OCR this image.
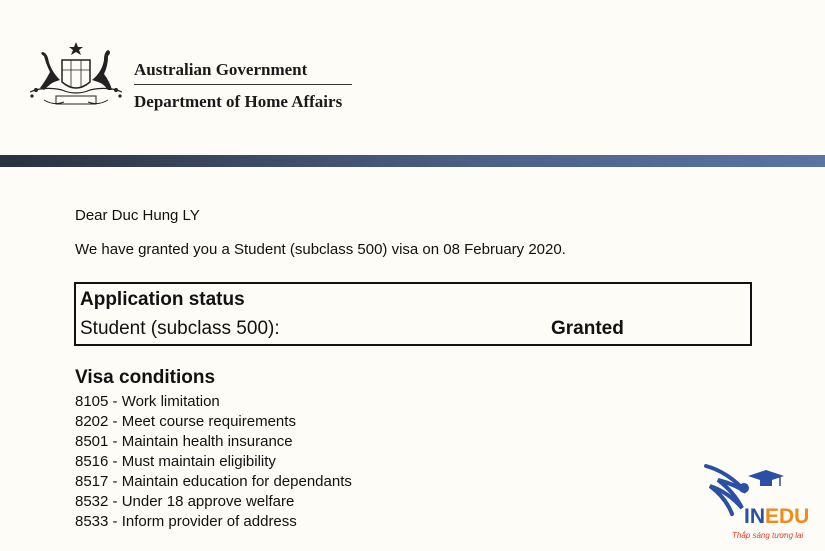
Australian Government
Department of Home Affairs

Dear Duc Hung LY

We have granted you a Student (subclass 500) visa on 08 February 2020.

Application status
Student (subclass 500):	Granted
Visa conditions
8105 - Work limitation
8202 - Meet course requirements
8501 - Maintain health insurance
8516 - Must maintain eligibility
8517 - Maintain education for dependants
8532 - Under 18 approve welfare
8533 - Inform provider of address	INEDU
Thắp sáng tương lai
